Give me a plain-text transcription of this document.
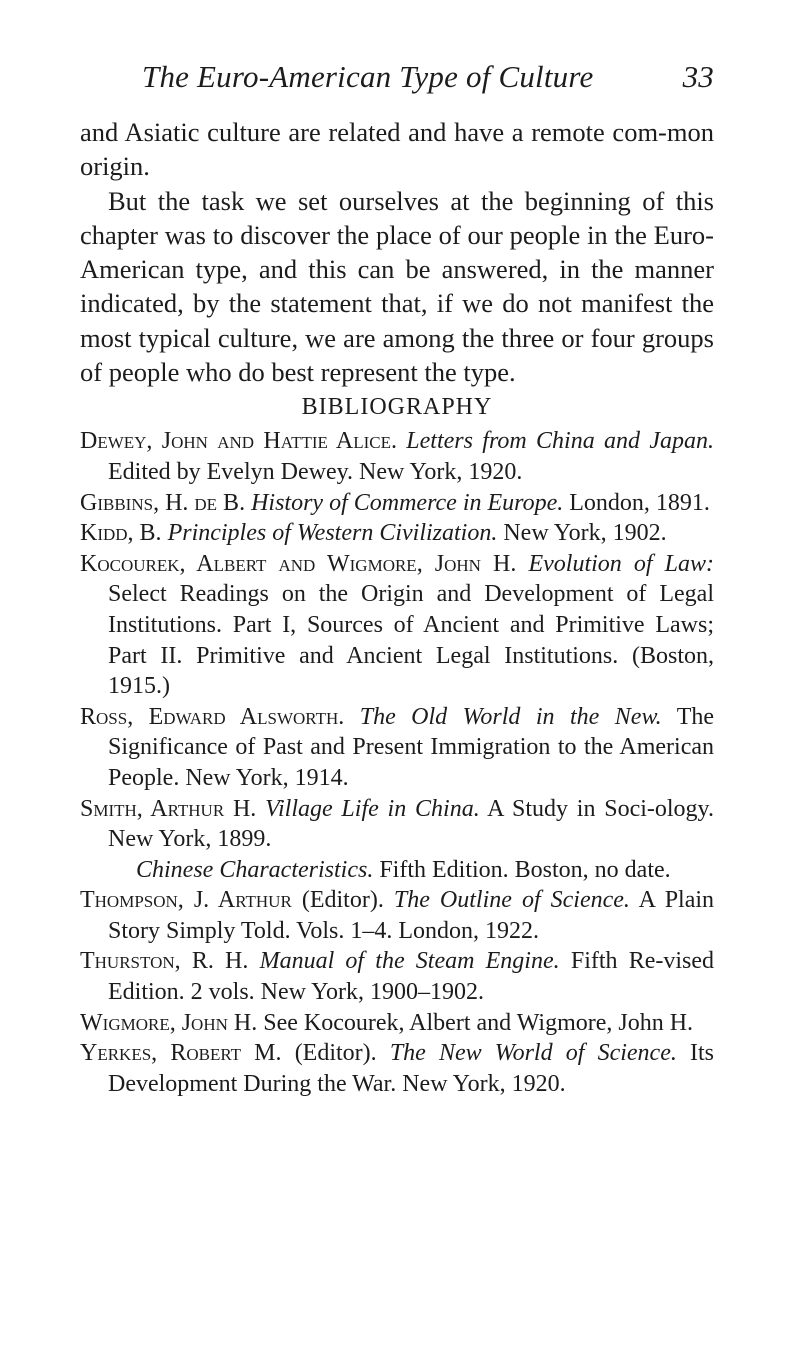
The Euro-American Type of Culture	33

and Asiatic culture are related and have a remote com-mon origin.

But the task we set ourselves at the beginning of this chapter was to discover the place of our people in the Euro-American type, and this can be answered, in the manner indicated, by the statement that, if we do not manifest the most typical culture, we are among the three or four groups of people who do best represent the type.

BIBLIOGRAPHY

Dewey, John and Hattie Alice. Letters from China and Japan. Edited by Evelyn Dewey. New York, 1920.

Gibbins, H. de B. History of Commerce in Europe. London, 1891.

Kidd, B. Principles of Western Civilization. New York, 1902.

Kocourek, Albert and Wigmore, John H. Evolution of Law: Select Readings on the Origin and Development of Legal Institutions. Part I, Sources of Ancient and Primitive Laws; Part II. Primitive and Ancient Legal Institutions. (Boston, 1915.)

Ross, Edward Alsworth. The Old World in the New. The Significance of Past and Present Immigration to the American People. New York, 1914.

Smith, Arthur H. Village Life in China. A Study in Soci-ology. New York, 1899.

Chinese Characteristics. Fifth Edition. Boston, no date.

Thompson, J. Arthur (Editor). The Outline of Science. A Plain Story Simply Told. Vols. 1–4. London, 1922.

Thurston, R. H. Manual of the Steam Engine. Fifth Re-vised Edition. 2 vols. New York, 1900–1902.

Wigmore, John H. See Kocourek, Albert and Wigmore, John H.

Yerkes, Robert M. (Editor). The New World of Science. Its Development During the War. New York, 1920.
